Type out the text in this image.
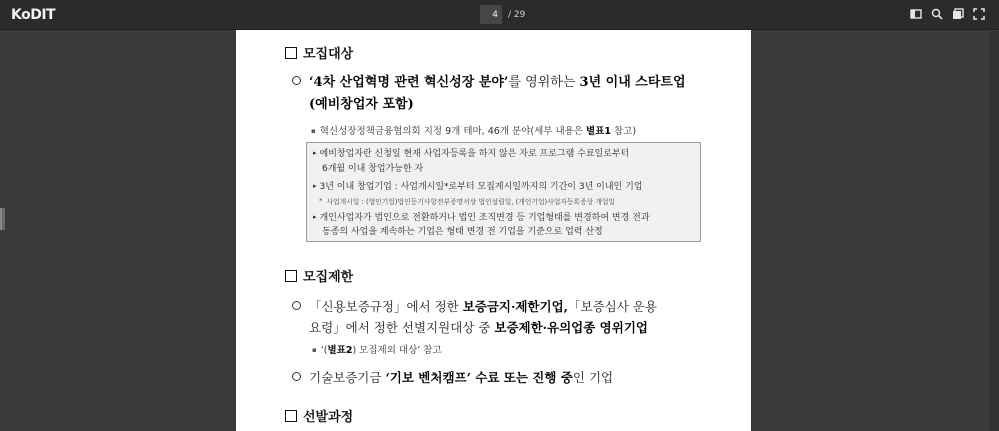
KoDIT	4	/ 29
모집대상
‘4차 산업혁명 관련 혁신성장 분야’를 영위하는 3년 이내 스타트업
(예비창업자 포함)
▪ 혁신성장정책금융협의회 지정 9개 테마, 46개 분야(세부 내용은 별표1 참고)
▸ 에비창업자란 신청일 현재 사업자등록을 하지 않은 자로 프로그램 수료일로부터
6개월 이내 창업가능한 자
▸ 3년 이내 창업기업 : 사업개시일*로부터 모집게시일까지의 기간이 3년 이내인 기업
* 사업개시일 : (법인기업)법인등기사항전부증명서상 법인설립일, (개인기업)사업자등록증상 개업일
▸ 개인사업자가 법인으로 전환하거나 법인 조직변경 등 기업형태를 변경하여 변경 전과
동종의 사업을 계속하는 기업은 형태 변경 전 기업을 기준으로 업력 산정
모집제한
「신용보증규정」에서 정한 보증금지·제한기업,「보증심사 운용
요령」에서 정한 선별지원대상 중 보증제한·유의업종 영위기업
▪ ‘(별표2) 모집제외 대상’ 참고
기술보증기금 ‘기보 벤처캠프’ 수료 또는 진행 중인 기업
선발과정
